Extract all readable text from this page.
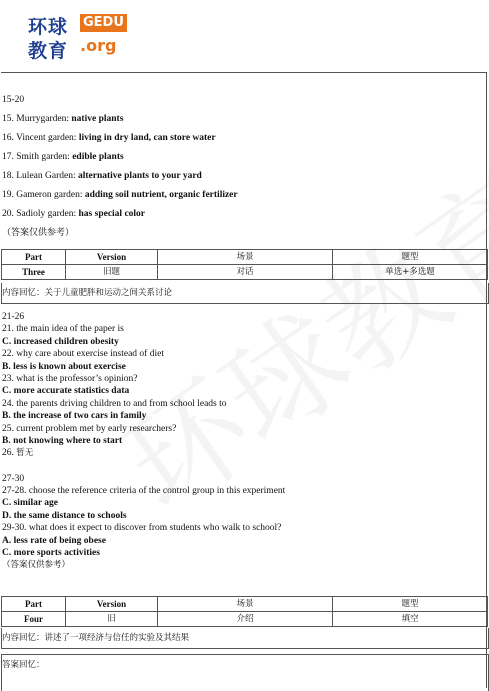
环球
教育
GEDU
.org
15-20
15. Murrygarden: native plants
16. Vincent garden: living in dry land, can store water
17. Smith garden: edible plants
18. Lulean Garden: alternative plants to your yard
19. Gameron garden: adding soil nutrient, organic fertilizer
20. Sadioly garden: has special color
（答案仅供参考）
Part	Version	场景	题型
Three	旧题	对话	单选+多选题
内容回忆：关于儿童肥胖和运动之间关系讨论
21-26
21. the main idea of the paper is
C. increased children obesity
22. why care about exercise instead of diet
B. less is known about exercise
23. what is the professor’s opinion?
C. more accurate statistics data
24. the parents driving children to and from school leads to
B. the increase of two cars in family
25. current problem met by early researchers?
B. not knowing where to start
26. 暂无
27-30
27-28. choose the reference criteria of the control group in this experiment
C. similar age
D. the same distance to schools
29-30. what does it expect to discover from students who walk to school?
A. less rate of being obese
C. more sports activities
（答案仅供参考）
Part	Version	场景	题型
Four	旧	介绍	填空
内容回忆：讲述了一项经济与信任的实验及其结果
答案回忆：
